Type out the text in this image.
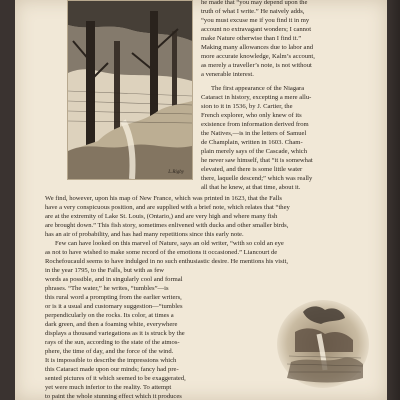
L.Rigby
he made that “you may depend upon the
truth of what I write.” He naively adds,
“you must excuse me if you find it in my
account no extravagant wonders; I cannot
make Nature otherwise than I find it.”
Making many allowances due to labor and
more accurate knowledge, Kalm’s account,
as merely a traveller’s note, is not without
a venerable interest.
The first appearance of the Niagara
Cataract in history, excepting a mere allu-
sion to it in 1536, by J. Cartier, the
French explorer, who only knew of its
existence from information derived from
the Natives,—is in the letters of Samuel
de Champlain, written in 1603. Cham-
plain merely says of the Cascade, which
he never saw himself, that “it is somewhat
elevated, and there is some little water
there, laquelle descend;” which was really
all that he knew, at that time, about it.
We find, however, upon his map of New France, which was printed in 1623, that the Falls
have a very conspicuous position, and are supplied with a brief note, which relates that “they
are at the extremity of Lake St. Louis, (Ontario,) and are very high and where many fish
are brought down.” This fish story, sometimes enlivened with ducks and other smaller birds,
has an air of probability, and has had many repetitions since this early note.
Few can have looked on this marvel of Nature, says an old writer, “with so cold an eye
as not to have wished to make some record of the emotions it occasioned.” Liancourt de
Rochefoucauld seems to have indulged in no such enthusiastic desire. He mentions his visit,
in the year 1795, to the Falls, but with as few
words as possible, and in singularly cool and formal
phrases. “The water,” he writes, “tumbles”—is
this rural word a prompting from the earlier writers,
or is it a usual and customary suggestion—“tumbles
perpendicularly on the rocks. Its color, at times a
dark green, and then a foaming white, everywhere
displays a thousand variegations as it is struck by the
rays of the sun, according to the state of the atmos-
phere, the time of day, and the force of the wind.
It is impossible to describe the impressions which
this Cataract made upon our minds; fancy had pre-
sented pictures of it which seemed to be exaggerated,
yet were much inferior to the reality. To attempt
to paint the whole stunning effect which it produces
